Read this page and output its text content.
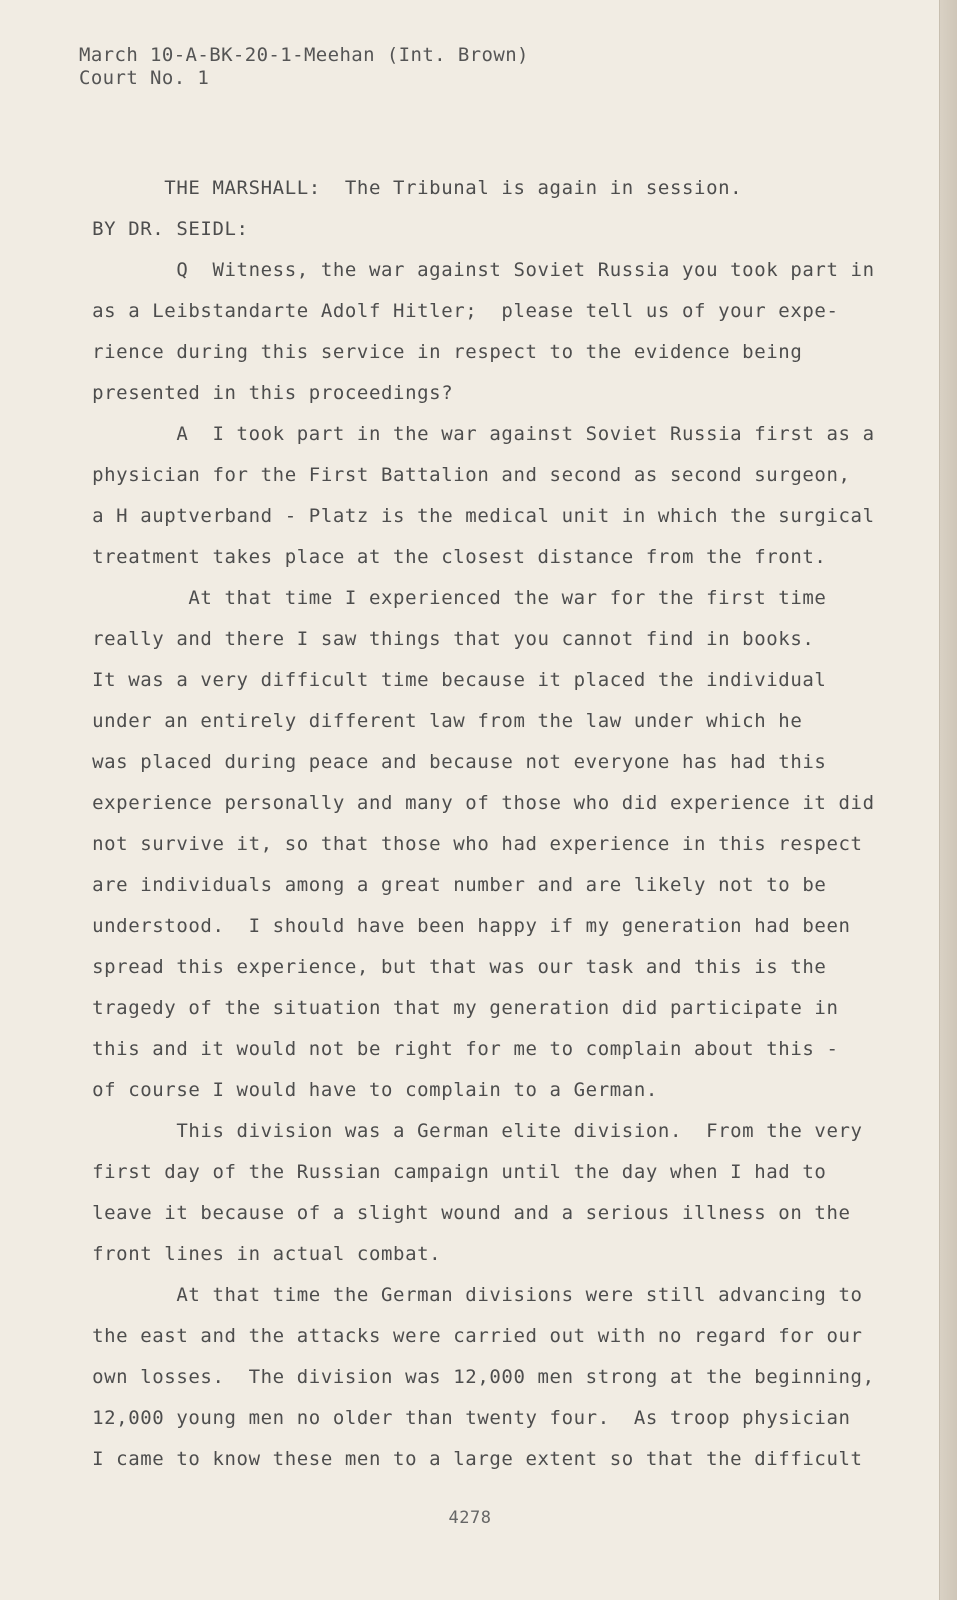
March 10-A-BK-20-1-Meehan (Int. Brown)
Court No. 1
THE MARSHALL:  The Tribunal is again in session.
BY DR. SEIDL:
Q  Witness, the war against Soviet Russia you took part in
as a Leibstandarte Adolf Hitler;  please tell us of your expe-
rience during this service in respect to the evidence being
presented in this proceedings?
A  I took part in the war against Soviet Russia first as a
physician for the First Battalion and second as second surgeon,
a H auptverband - Platz is the medical unit in which the surgical
treatment takes place at the closest distance from the front.
At that time I experienced the war for the first time
really and there I saw things that you cannot find in books.
It was a very difficult time because it placed the individual
under an entirely different law from the law under which he
was placed during peace and because not everyone has had this
experience personally and many of those who did experience it did
not survive it, so that those who had experience in this respect
are individuals among a great number and are likely not to be
understood.  I should have been happy if my generation had been
spread this experience, but that was our task and this is the
tragedy of the situation that my generation did participate in
this and it would not be right for me to complain about this -
of course I would have to complain to a German.
This division was a German elite division.  From the very
first day of the Russian campaign until the day when I had to
leave it because of a slight wound and a serious illness on the
front lines in actual combat.
At that time the German divisions were still advancing to
the east and the attacks were carried out with no regard for our
own losses.  The division was 12,000 men strong at the beginning,
12,000 young men no older than twenty four.  As troop physician
I came to know these men to a large extent so that the difficult
4278
